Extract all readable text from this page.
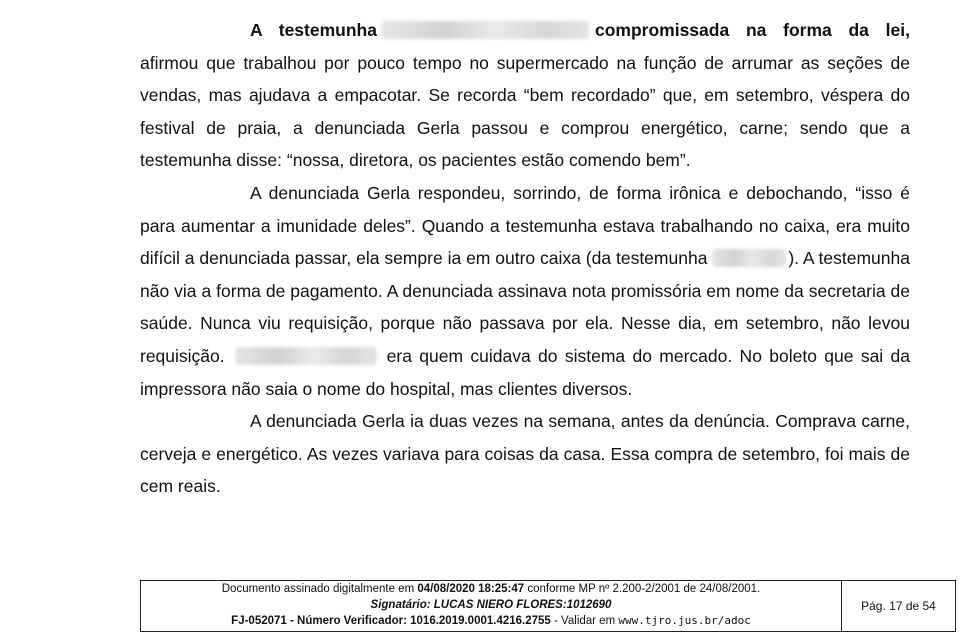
A testemunha	compromissada na forma da lei, afirmou que trabalhou por pouco tempo no supermercado na função de arrumar as seções de vendas, mas ajudava a empacotar. Se recorda “bem recordado” que, em setembro, véspera do festival de praia, a denunciada Gerla passou e comprou energético, carne; sendo que a testemunha disse: “nossa, diretora, os pacientes estão comendo bem”.

A denunciada Gerla respondeu, sorrindo, de forma irônica e debochando, “isso é para aumentar a imunidade deles”. Quando a testemunha estava trabalhando no caixa, era muito difícil a denunciada passar, ela sempre ia em outro caixa (da testemunha	). A testemunha não via a forma de pagamento. A denunciada assinava nota promissória em nome da secretaria de saúde. Nunca viu requisição, porque não passava por ela. Nesse dia, em setembro, não levou requisição.	era quem cuidava do sistema do mercado. No boleto que sai da impressora não saia o nome do hospital, mas clientes diversos.

A denunciada Gerla ia duas vezes na semana, antes da denúncia. Comprava carne, cerveja e energético. As vezes variava para coisas da casa. Essa compra de setembro, foi mais de cem reais.

Documento assinado digitalmente em 04/08/2020 18:25:47 conforme MP nº 2.200-2/2001 de 24/08/2001.
Signatário: LUCAS NIERO FLORES:1012690
FJ-052071 - Número Verificador: 1016.2019.0001.4216.2755 - Validar em www.tjro.jus.br/adoc
Pág. 17 de 54
